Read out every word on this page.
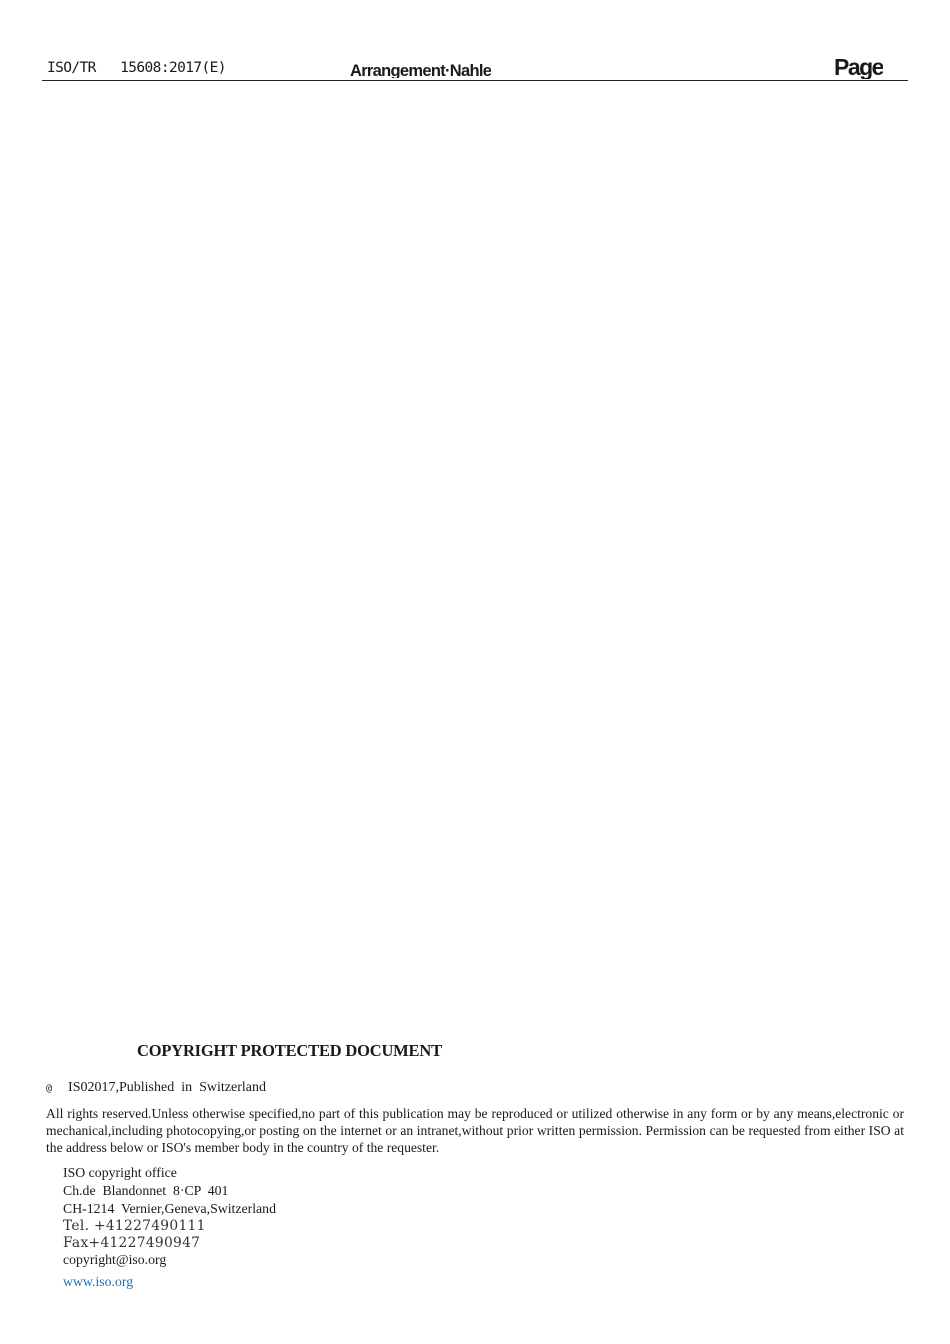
ISO/TR   15608:2017(E)	Arrangement·Nahle	Page
COPYRIGHT PROTECTED DOCUMENT
@ IS02017,Published  in  Switzerland
All rights reserved.Unless otherwise specified,no part of this publication may be reproduced or utilized otherwise in any form or by any means,electronic or mechanical,including photocopying,or posting on the internet or an intranet,without prior written permission. Permission can be requested from either ISO at the address below or ISO's member body in the country of the requester.
ISO copyright office
Ch.de  Blandonnet  8·CP  401
CH-1214  Vernier,Geneva,Switzerland
Tel. +41227490111
Fax+41227490947
copyright@iso.org
www.iso.org
